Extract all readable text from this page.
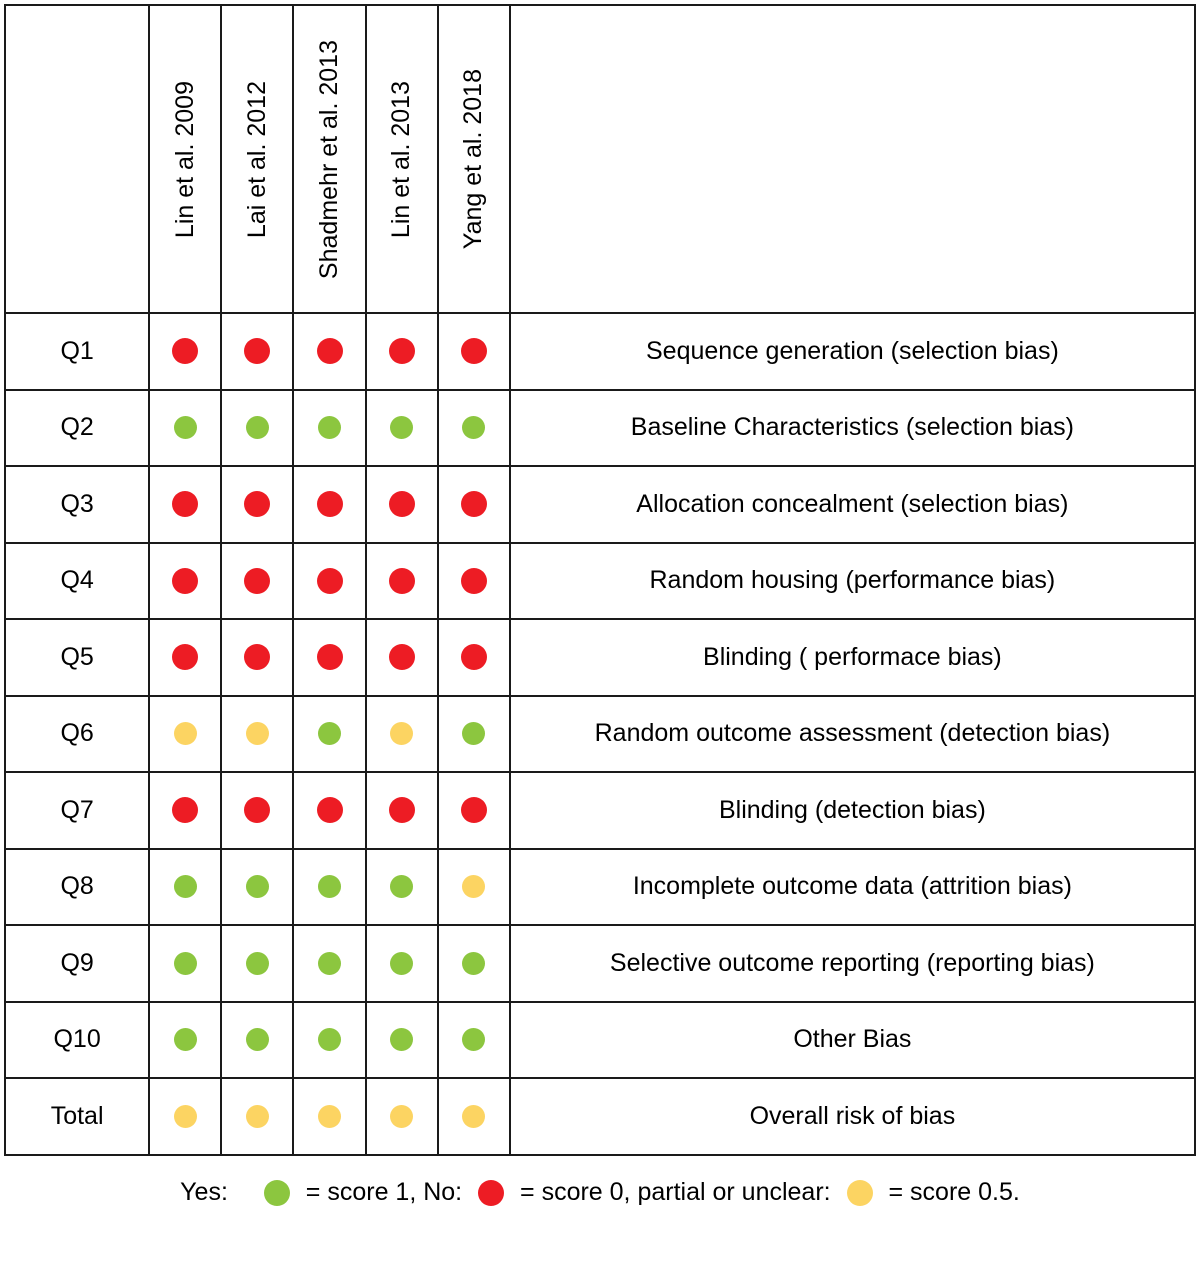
	Lin et al. 2009	Lai et al. 2012	Shadmehr et al. 2013	Lin et al. 2013	Yang et al. 2018	
Q1						Sequence generation (selection bias)
Q2						Baseline Characteristics (selection bias)
Q3						Allocation concealment (selection bias)
Q4						Random housing (performance bias)
Q5						Blinding ( performace bias)
Q6						Random outcome assessment (detection bias)
Q7						Blinding (detection bias)
Q8						Incomplete outcome data (attrition bias)
Q9						Selective outcome reporting (reporting bias)
Q10						Other Bias
Total						Overall risk of bias
Yes:	= score 1, No: = score 0, partial or unclear: = score 0.5.
